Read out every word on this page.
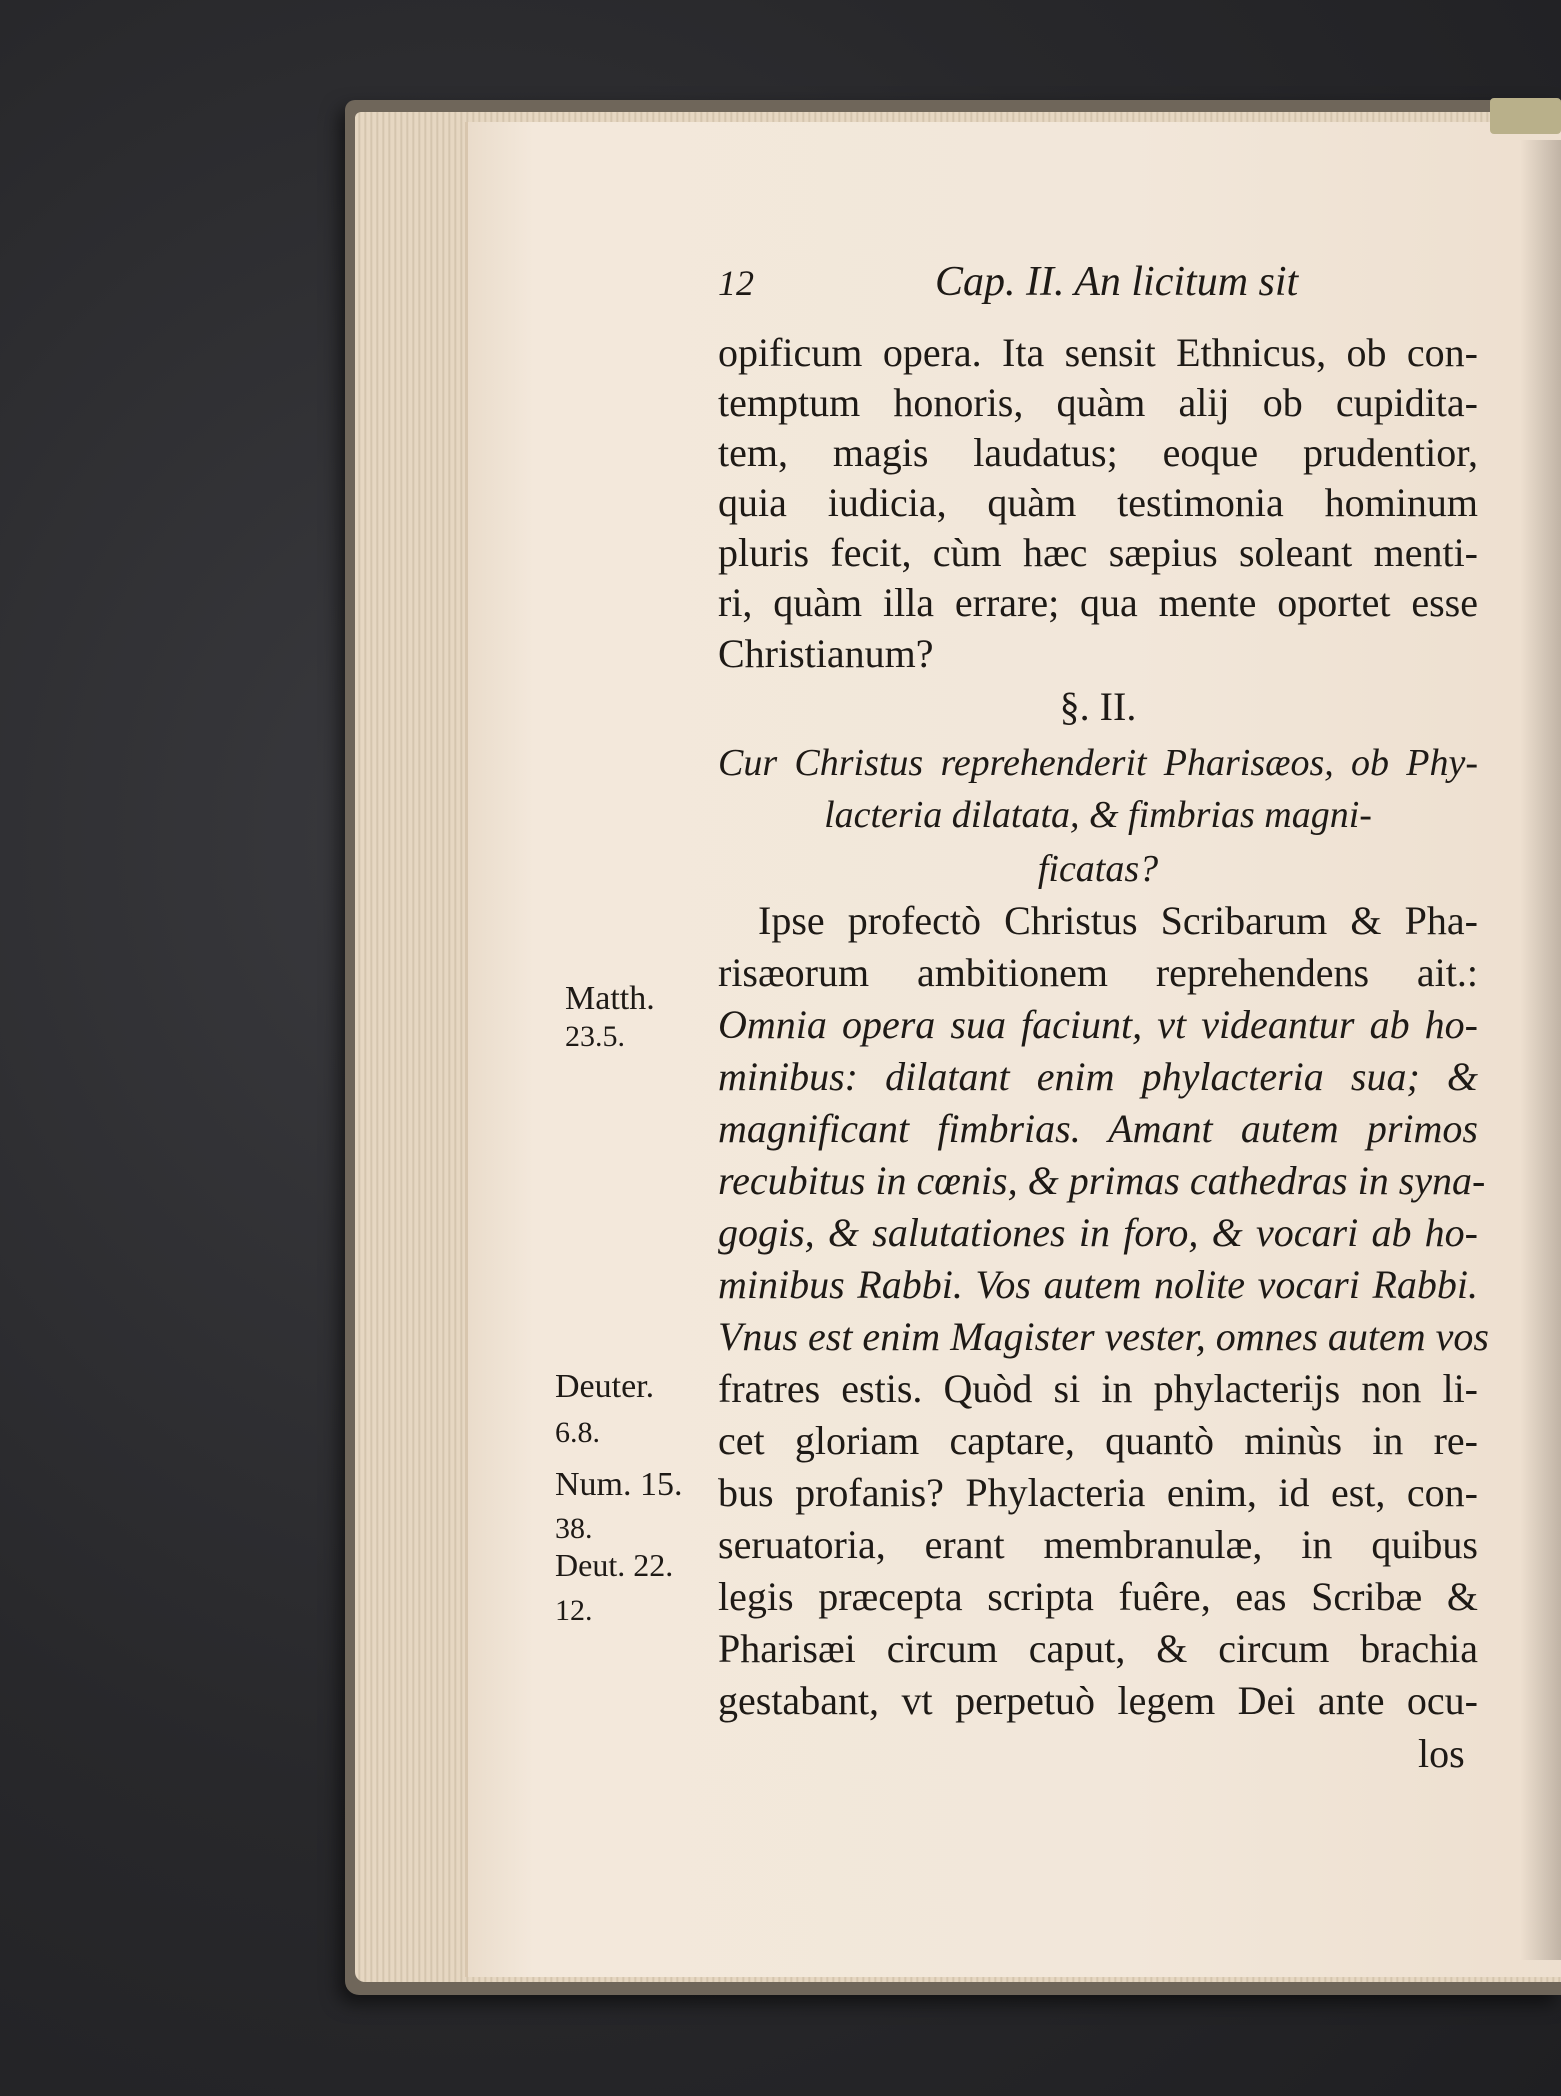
12	Cap. II. An licitum sit
opificum opera. Ita sensit Ethnicus, ob con-
temptum honoris, quàm alij ob cupidita-
tem, magis laudatus; eoque prudentior,
quia iudicia, quàm testimonia hominum
pluris fecit, cùm hæc sæpius soleant menti-
ri, quàm illa errare; qua mente oportet esse
Christianum?
§. II.
Cur Christus reprehenderit Pharisæos, ob Phy-
lacteria dilatata, & fimbrias magni-
ficatas?
Ipse profectò Christus Scribarum & Pha-
risæorum ambitionem reprehendens ait.:
Omnia opera sua faciunt, vt videantur ab ho-
minibus: dilatant enim phylacteria sua; &
magnificant fimbrias. Amant autem primos
recubitus in cœnis, & primas cathedras in syna-
gogis, & salutationes in foro, & vocari ab ho-
minibus Rabbi. Vos autem nolite vocari Rabbi.
Vnus est enim Magister vester, omnes autem vos
fratres estis. Quòd si in phylacterijs non li-
cet gloriam captare, quantò minùs in re-
bus profanis? Phylacteria enim, id est, con-
seruatoria, erant membranulæ, in quibus
legis præcepta scripta fuêre, eas Scribæ &
Pharisæi circum caput, & circum brachia
gestabant, vt perpetuò legem Dei ante ocu-
los
Matth.
23.5.
Deuter.
6.8.
Num. 15.
38.
Deut. 22.
12.
